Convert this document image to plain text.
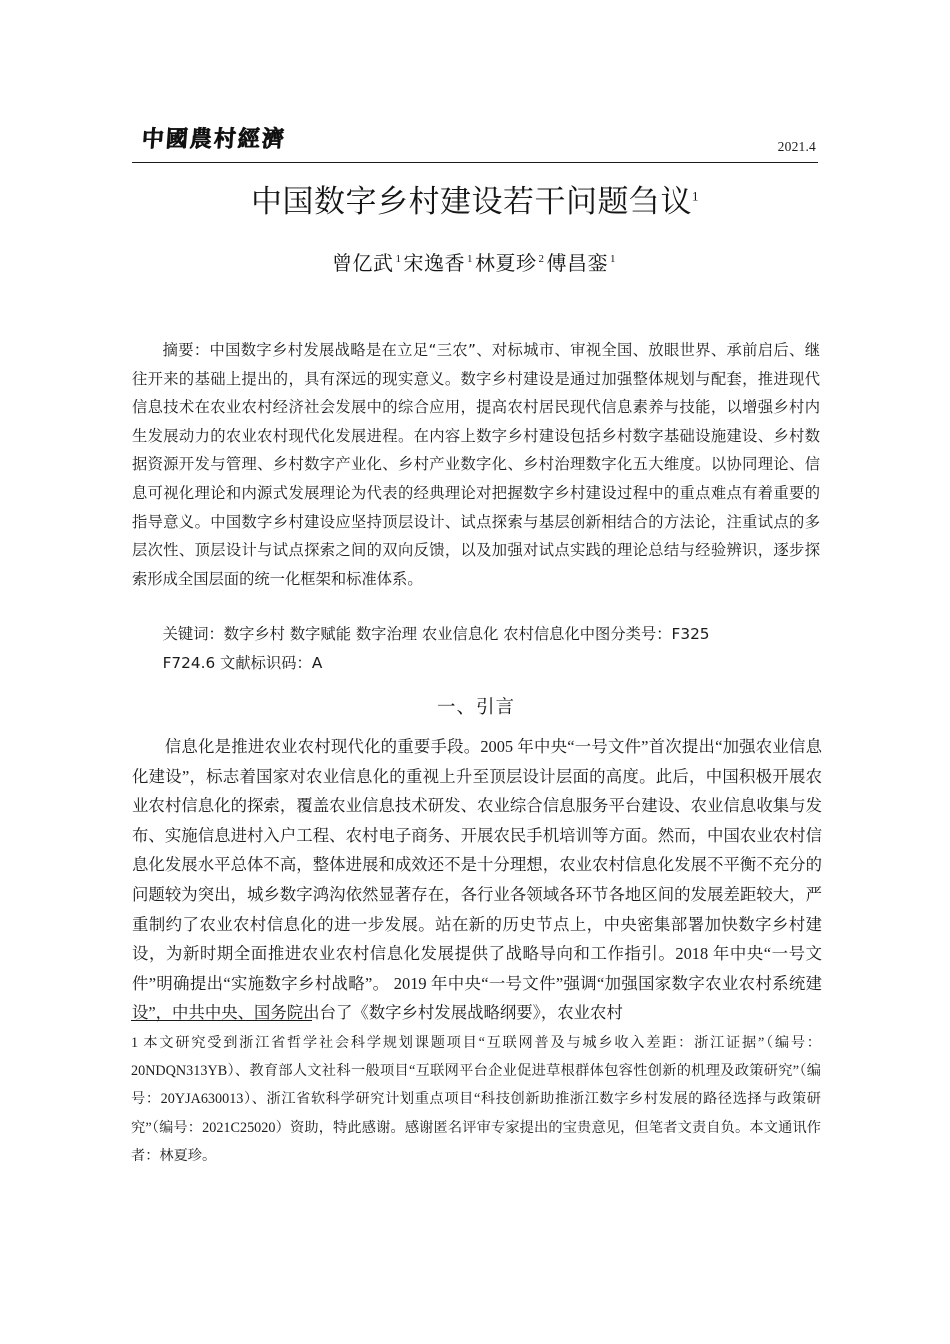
中國農村經濟	2021.4
中国数字乡村建设若干问题刍议$^1$
曾亿武 $^1$ 宋逸香 $^1$ 林夏珍 $^2$ 傅昌銮 $^1$

摘要：中国数字乡村发展战略是在立足“三农”、对标城市、审视全国、放眼世界、承前启后、继往开来的基础上提出的，具有深远的现实意义。数字乡村建设是通过加强整体规划与配套，推进现代信息技术在农业农村经济社会发展中的综合应用，提高农村居民现代信息素养与技能，以增强乡村内生发展动力的农业农村现代化发展进程。在内容上数字乡村建设包括乡村数字基础设施建设、乡村数据资源开发与管理、乡村数字产业化、乡村产业数字化、乡村治理数字化五大维度。以协同理论、信息可视化理论和内源式发展理论为代表的经典理论对把握数字乡村建设过程中的重点难点有着重要的指导意义。中国数字乡村建设应坚持顶层设计、试点探索与基层创新相结合的方法论，注重试点的多层次性、顶层设计与试点探索之间的双向反馈，以及加强对试点实践的理论总结与经验辨识，逐步探索形成全国层面的统一化框架和标准体系。

关键词：数字乡村 数字赋能 数字治理 农业信息化 农村信息化中图分类号：F325

F724.6 文献标识码：A

一、引言

信息化是推进农业农村现代化的重要手段。2005 年中央“一号文件”首次提出“加强农业信息化建设”，标志着国家对农业信息化的重视上升至顶层设计层面的高度。此后，中国积极开展农业农村信息化的探索，覆盖农业信息技术研发、农业综合信息服务平台建设、农业信息收集与发布、实施信息进村入户工程、农村电子商务、开展农民手机培训等方面。然而，中国农业农村信息化发展水平总体不高，整体进展和成效还不是十分理想，农业农村信息化发展不平衡不充分的问题较为突出，城乡数字鸿沟依然显著存在，各行业各领域各环节各地区间的发展差距较大，严重制约了农业农村信息化的进一步发展。站在新的历史节点上，中央密集部署加快数字乡村建设，为新时期全面推进农业农村信息化发展提供了战略导向和工作指引。2018 年中央“一号文件”明确提出“实施数字乡村战略”。 2019 年中央“一号文件”强调“加强国家数字农业农村系统建设”，中共中央、国务院出台了《数字乡村发展战略纲要》，农业农村

1 本文研究受到浙江省哲学社会科学规划课题项目“互联网普及与城乡收入差距：浙江证据”（编号：20NDQN313YB）、教育部人文社科一般项目“互联网平台企业促进草根群体包容性创新的机理及政策研究”（编号：20YJA630013）、浙江省软科学研究计划重点项目“科技创新助推浙江数字乡村发展的路径选择与政策研究”（编号：2021C25020）资助，特此感谢。感谢匿名评审专家提出的宝贵意见，但笔者文责自负。本文通讯作者：林夏珍。
